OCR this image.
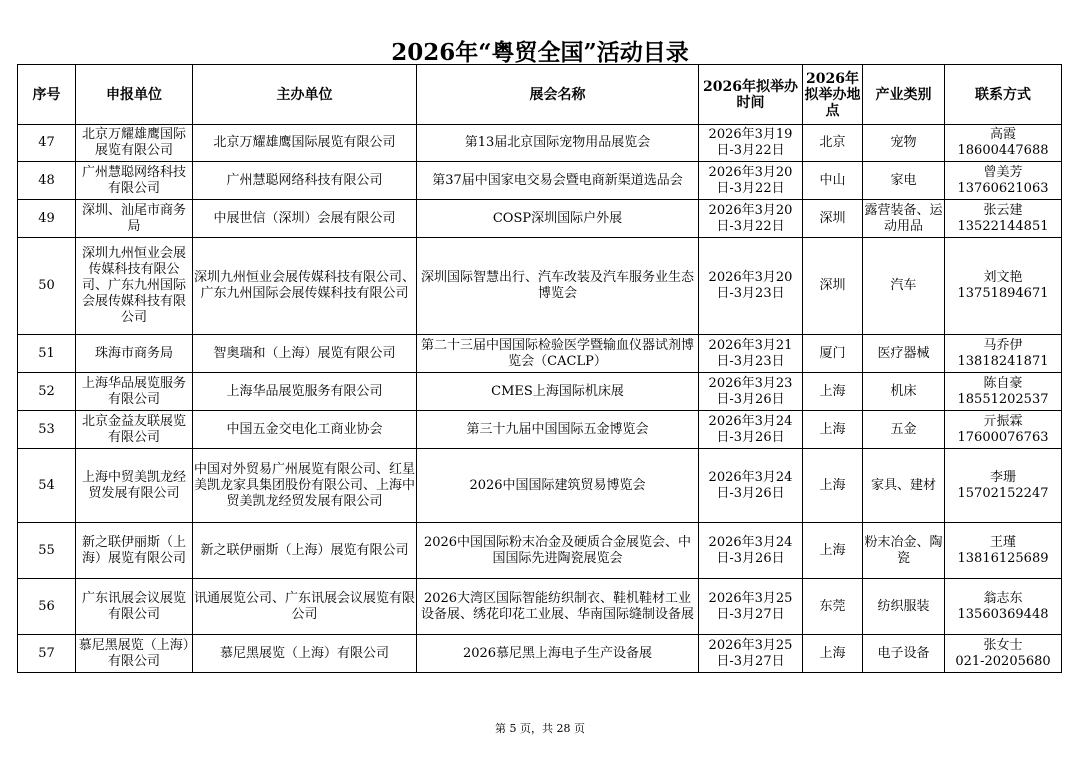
2026年“粤贸全国”活动目录
序号	申报单位	主办单位	展会名称	2026年拟举办时间	2026年拟举办地点	产业类别	联系方式
47	北京万耀雄鹰国际展览有限公司	北京万耀雄鹰国际展览有限公司	第13届北京国际宠物用品展览会	2026年3月19日-3月22日	北京	宠物	高霞
18600447688

48	广州慧聪网络科技有限公司	广州慧聪网络科技有限公司	第37届中国家电交易会暨电商新渠道选品会	2026年3月20日-3月22日	中山	家电	曾美芳
13760621063

49	深圳、汕尾市商务局	中展世信（深圳）会展有限公司	COSP深圳国际户外展	2026年3月20日-3月22日	深圳	露营装备、运动用品	张云建
13522144851

50	深圳九州恒业会展传媒科技有限公司、广东九州国际会展传媒科技有限公司	深圳九州恒业会展传媒科技有限公司、广东九州国际会展传媒科技有限公司	深圳国际智慧出行、汽车改装及汽车服务业生态博览会	2026年3月20日-3月23日	深圳	汽车	刘文艳
13751894671

51	珠海市商务局	智奥瑞和（上海）展览有限公司	第二十三届中国国际检验医学暨输血仪器试剂博览会（CACLP）	2026年3月21日-3月23日	厦门	医疗器械	马乔伊
13818241871

52	上海华品展览服务有限公司	上海华品展览服务有限公司	CMES上海国际机床展	2026年3月23日-3月26日	上海	机床	陈自豪
18551202537

53	北京金益友联展览有限公司	中国五金交电化工商业协会	第三十九届中国国际五金博览会	2026年3月24日-3月26日	上海	五金	亓振霖
17600076763

54	上海中贸美凯龙经贸发展有限公司	中国对外贸易广州展览有限公司、红星美凯龙家具集团股份有限公司、上海中贸美凯龙经贸发展有限公司	2026中国国际建筑贸易博览会	2026年3月24日-3月26日	上海	家具、建材	李珊
15702152247

55	新之联伊丽斯（上海）展览有限公司	新之联伊丽斯（上海）展览有限公司	2026中国国际粉末冶金及硬质合金展览会、中国国际先进陶瓷展览会	2026年3月24日-3月26日	上海	粉末冶金、陶瓷	王瑾
13816125689

56	广东讯展会议展览有限公司	讯通展览公司、广东讯展会议展览有限公司	2026大湾区国际智能纺织制衣、鞋机鞋材工业设备展、绣花印花工业展、华南国际缝制设备展	2026年3月25日-3月27日	东莞	纺织服装	翁志东
13560369448

57	慕尼黑展览（上海）有限公司	慕尼黑展览（上海）有限公司	2026慕尼黑上海电子生产设备展	2026年3月25日-3月27日	上海	电子设备	张女士
021-20205680
第 5 页，共 28 页
